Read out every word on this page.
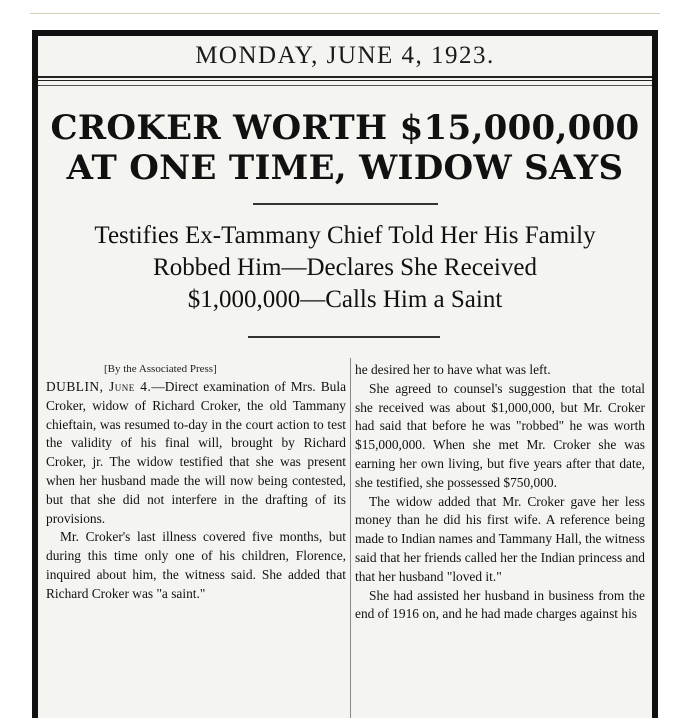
MONDAY, JUNE 4, 1923.
CROKER WORTH $15,000,000
AT ONE TIME, WIDOW SAYS
Testifies Ex-Tammany Chief Told Her His Family
Robbed Him—Declares She Received
$1,000,000—Calls Him a Saint
[By the Associated Press]

DUBLIN, June 4.—Direct examination of Mrs. Bula Croker, widow of Richard Croker, the old Tammany chieftain, was resumed to-day in the court action to test the validity of his final will, brought by Richard Croker, jr. The widow testified that she was present when her husband made the will now being contested, but that she did not interfere in the drafting of its provisions.

Mr. Croker's last illness covered five months, but during this time only one of his children, Florence, inquired about him, the witness said. She added that Richard Croker was "a saint."

he desired her to have what was left.

She agreed to counsel's suggestion that the total she received was about $1,000,000, but Mr. Croker had said that before he was "robbed" he was worth $15,000,000. When she met Mr. Croker she was earning her own living, but five years after that date, she testified, she possessed $750,000.

The widow added that Mr. Croker gave her less money than he did his first wife. A reference being made to Indian names and Tammany Hall, the witness said that her friends called her the Indian princess and that her husband "loved it."

She had assisted her husband in business from the end of 1916 on, and he had made charges against his
